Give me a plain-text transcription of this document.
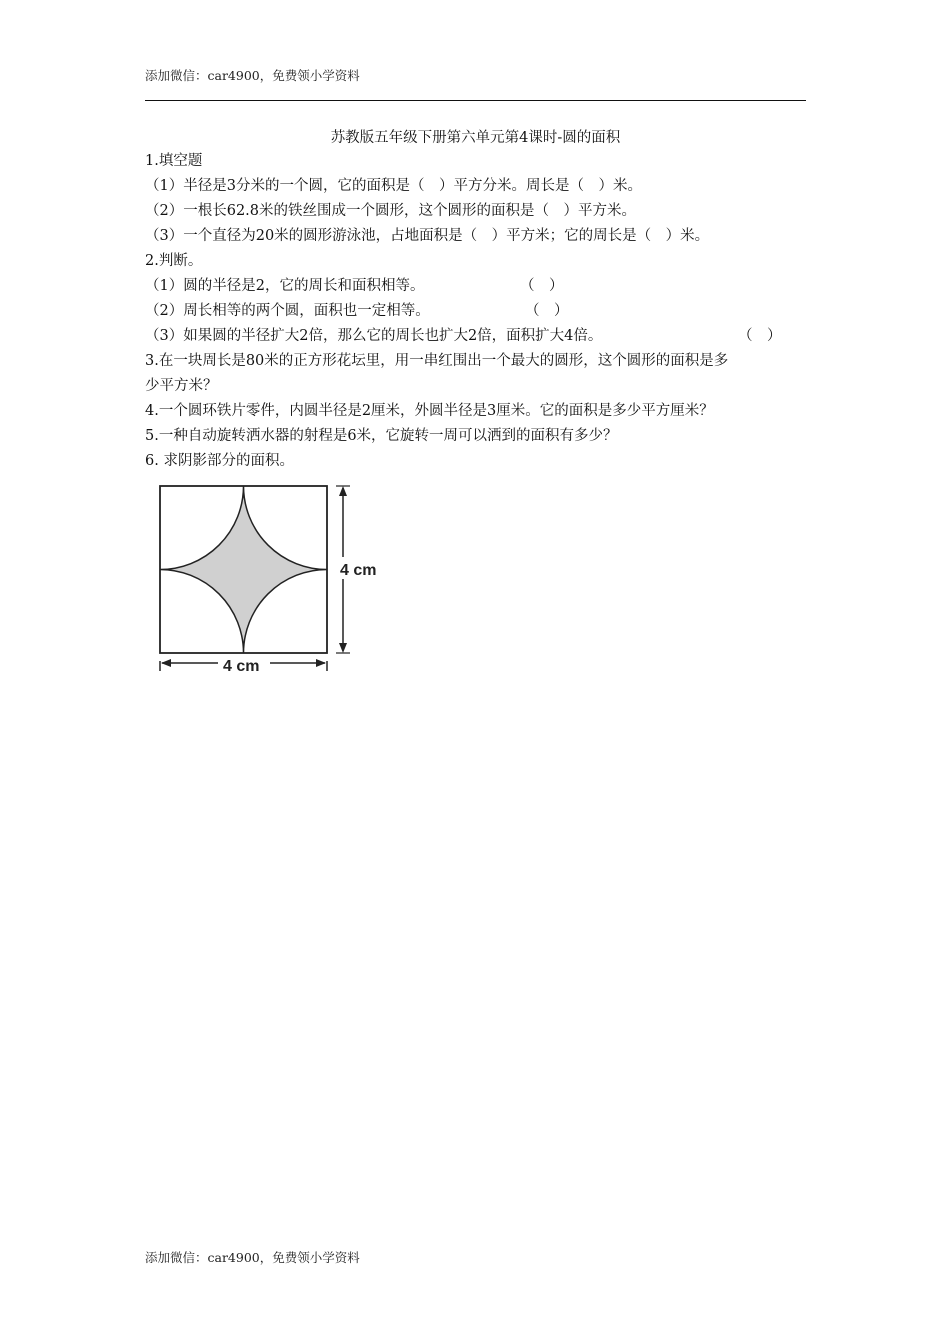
添加微信：car4900，免费领小学资料
苏教版五年级下册第六单元第4课时-圆的面积
1.填空题
（1）半径是3分米的一个圆，它的面积是（　）平方分米。周长是（　）米。
（2）一根长62.8米的铁丝围成一个圆形，这个圆形的面积是（　）平方米。
（3）一个直径为20米的圆形游泳池，占地面积是（　）平方米；它的周长是（　）米。
2.判断。
（1）圆的半径是2，它的周长和面积相等。	（　）
（2）周长相等的两个圆，面积也一定相等。	（　）
（3）如果圆的半径扩大2倍，那么它的周长也扩大2倍，面积扩大4倍。	（　）
3.在一块周长是80米的正方形花坛里，用一串红围出一个最大的圆形，这个圆形的面积是多
少平方米？
4.一个圆环铁片零件，内圆半径是2厘米，外圆半径是3厘米。它的面积是多少平方厘米？
5.一种自动旋转洒水器的射程是6米，它旋转一周可以洒到的面积有多少？
6. 求阴影部分的面积。
4 cm
4 cm
添加微信：car4900，免费领小学资料
